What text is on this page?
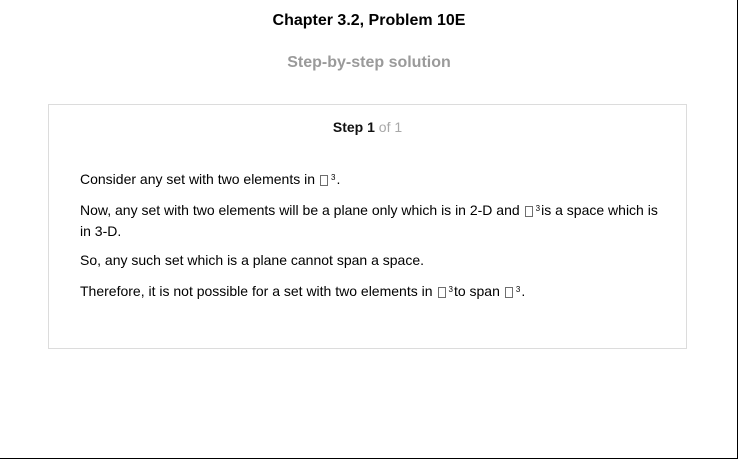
Chapter 3.2, Problem 10E
Step-by-step solution
Step 1 of 1

Consider any set with two elements in $^3$.

Now, any set with two elements will be a plane only which is in 2-D and $^3$is a space which is in 3-D.

So, any such set which is a plane cannot span a space.

Therefore, it is not possible for a set with two elements in $^3$to span $^3$.
